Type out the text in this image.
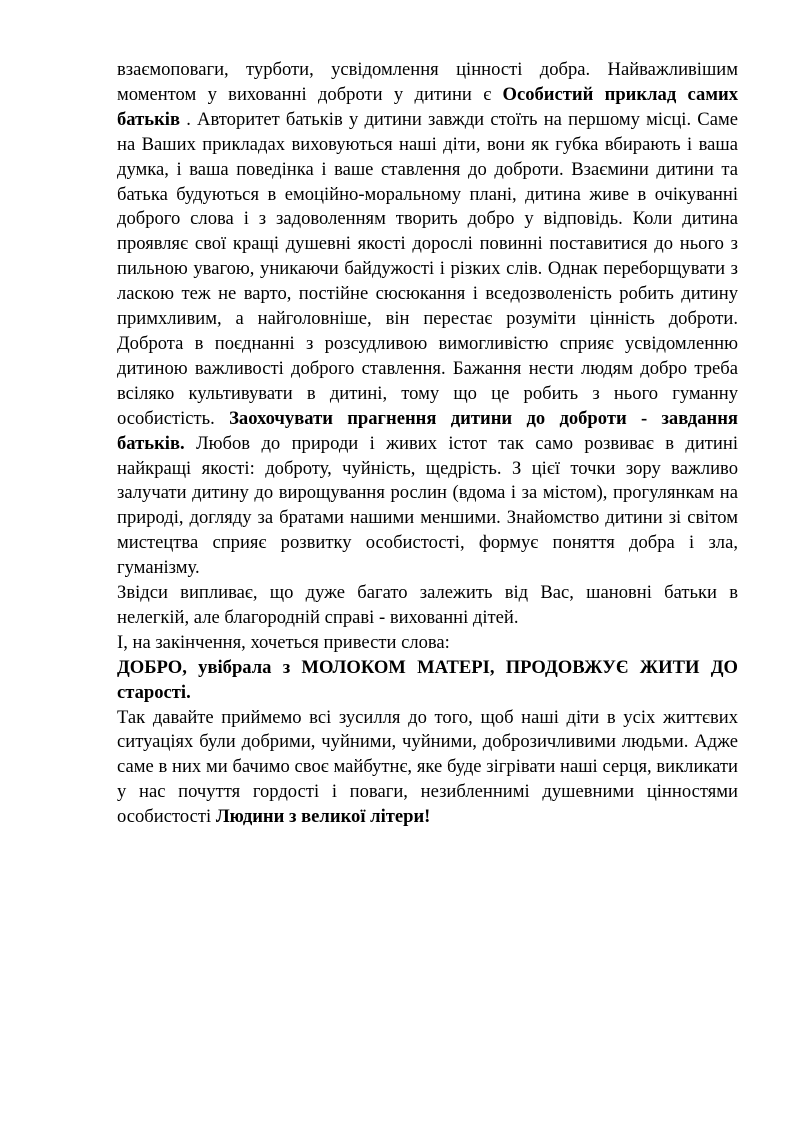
взаємоповаги, турботи, усвідомлення цінності добра. Найважливішим моментом у вихованні доброти у дитини є Особистий приклад самих батьків . Авторитет батьків у дитини завжди стоїть на першому місці. Саме на Ваших прикладах виховуються наші діти, вони як губка вбирають і ваша думка, і ваша поведінка і ваше ставлення до доброти. Взаємини дитини та батька будуються в емоційно-моральному плані, дитина живе в очікуванні доброго слова і з задоволенням творить добро у відповідь. Коли дитина проявляє свої кращі душевні якості дорослі повинні поставитися до нього з пильною увагою, уникаючи байдужості і різких слів. Однак переборщувати з ласкою теж не варто, постійне сюсюкання і вседозволеність робить дитину примхливим, а найголовніше, він перестає розуміти цінність доброти. Доброта в поєднанні з розсудливою вимогливістю сприяє усвідомленню дитиною важливості доброго ставлення. Бажання нести людям добро треба всіляко культивувати в дитині, тому що це робить з нього гуманну особистість. Заохочувати прагнення дитини до доброти - завдання батьків. Любов до природи і живих істот так само розвиває в дитині найкращі якості: доброту, чуйність, щедрість. З цієї точки зору важливо залучати дитину до вирощування рослин (вдома і за містом), прогулянкам на природі, догляду за братами нашими меншими. Знайомство дитини зі світом мистецтва сприяє розвитку особистості, формує поняття добра і зла, гуманізму.

Звідси випливає, що дуже багато залежить від Вас, шановні батьки в нелегкій, але благородній справі - вихованні дітей.

І, на закінчення, хочеться привести слова:

ДОБРО, увібрала з МОЛОКОМ МАТЕРІ, ПРОДОВЖУЄ ЖИТИ ДО старості.

Так давайте приймемо всі зусилля до того, щоб наші діти в усіх життєвих ситуаціях були добрими, чуйними, чуйними, доброзичливими людьми. Адже саме в них ми бачимо своє майбутнє, яке буде зігрівати наші серця, викликати у нас почуття гордості і поваги, незибленнимі душевними цінностями особистості Людини з великої літери!
